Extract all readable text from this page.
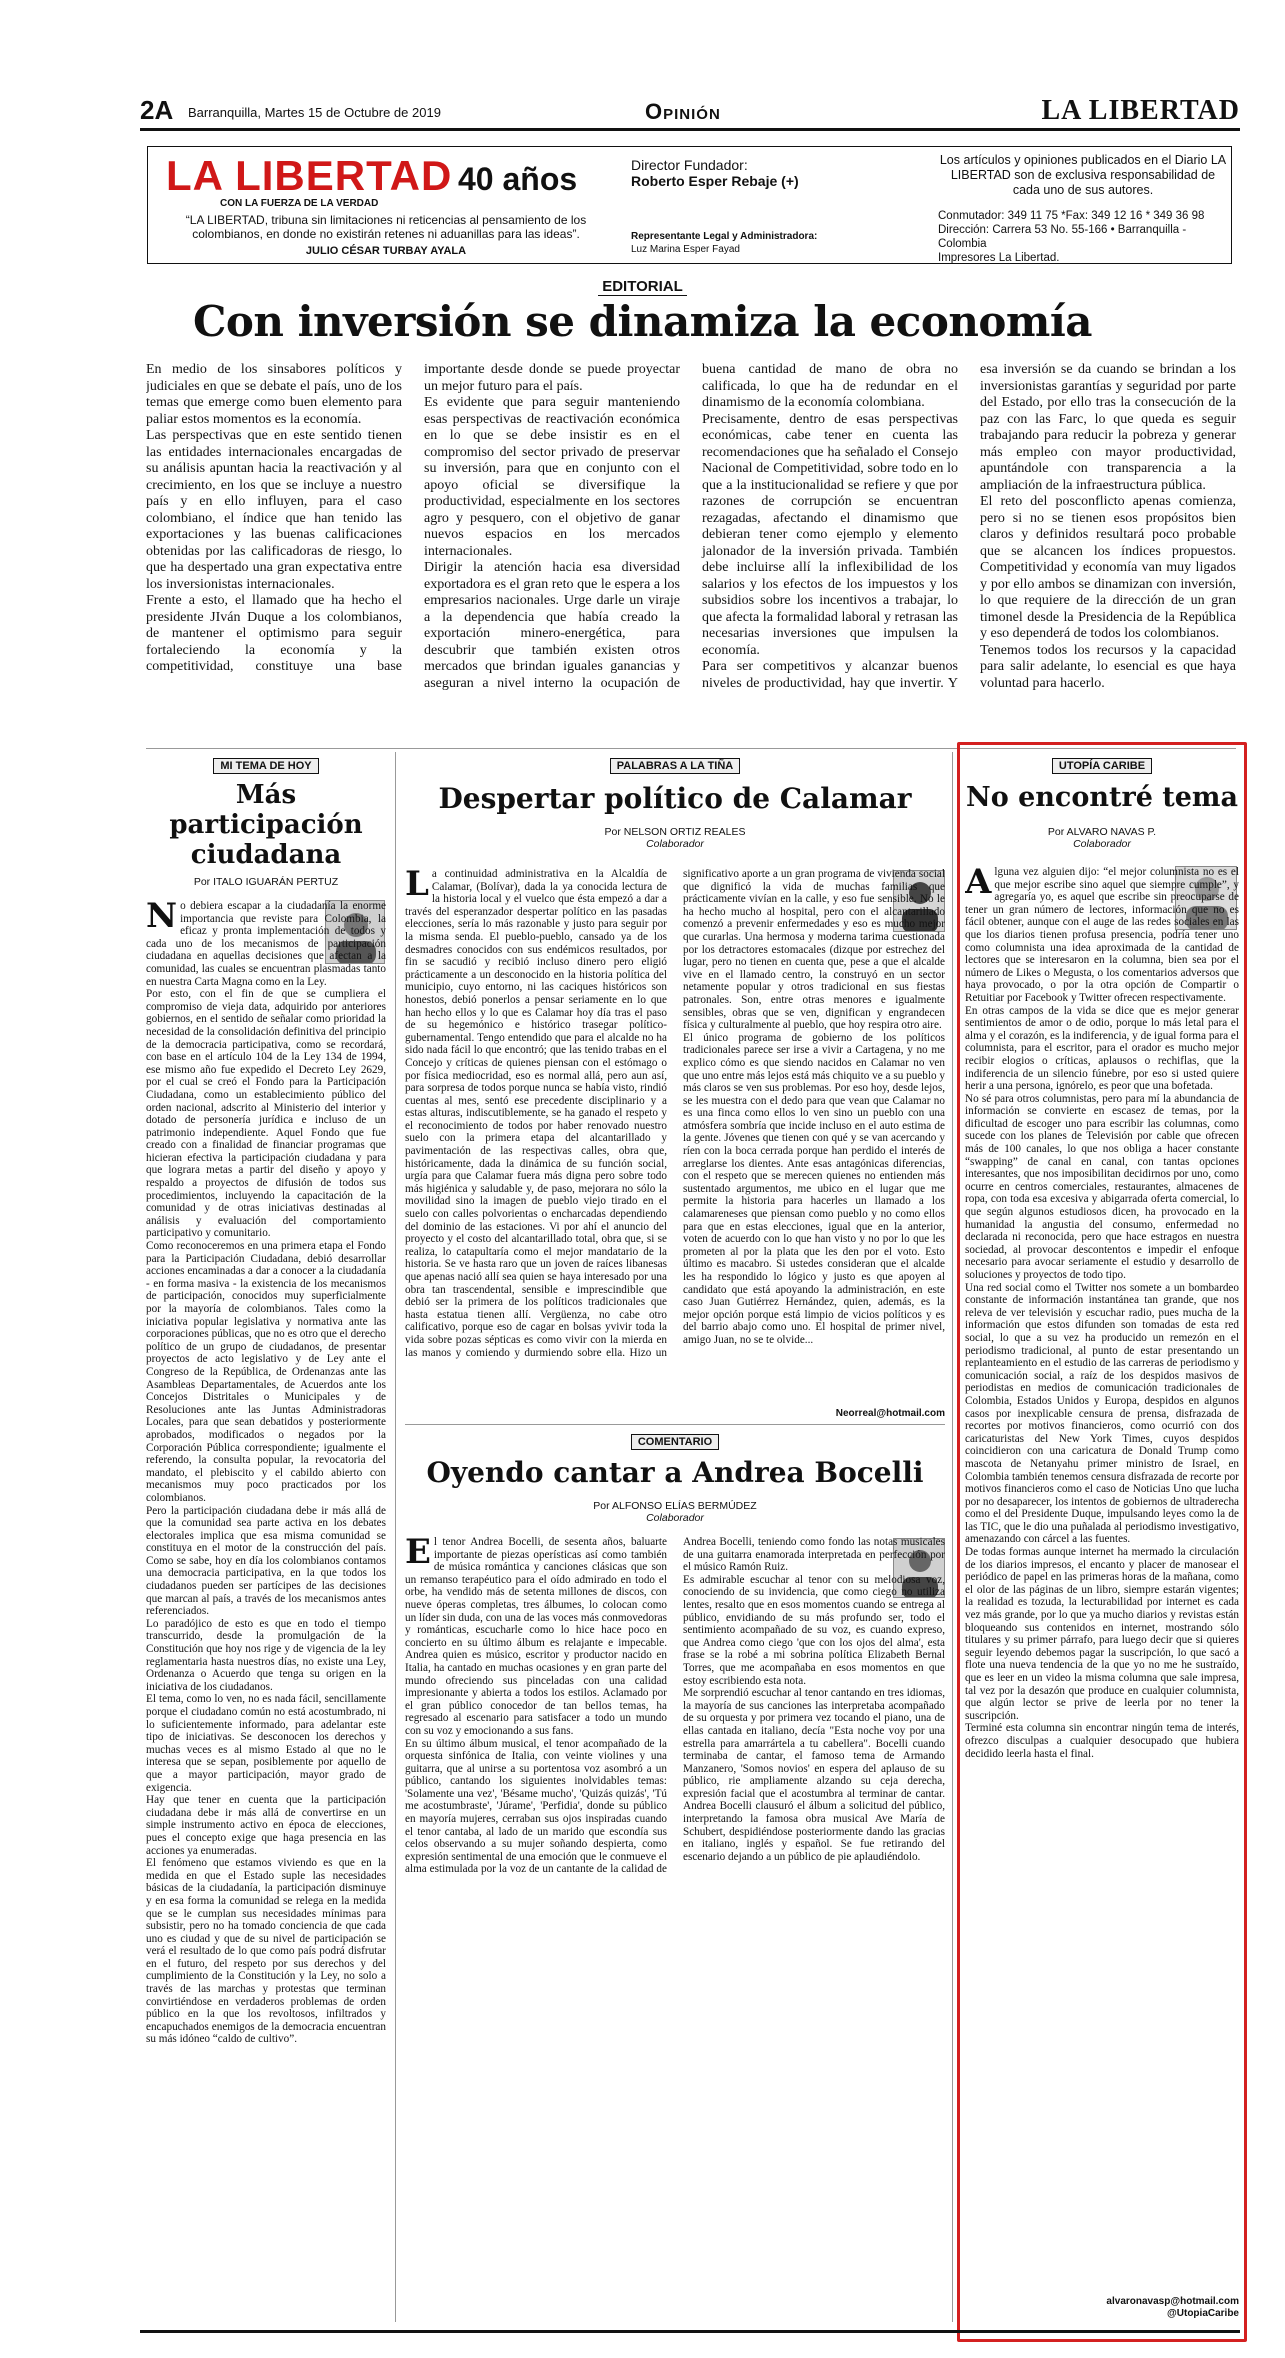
2A Barranquilla, Martes 15 de Octubre de 2019	Opinión	LA LIBERTAD
LA LIBERTAD 40 años
CON LA FUERZA DE LA VERDAD
“LA LIBERTAD, tribuna sin limitaciones ni reticencias al pensamiento de los colombianos, en donde no existirán retenes ni aduanillas para las ideas”.
JULIO CÉSAR TURBAY AYALA
Director Fundador:
Roberto Esper Rebaje (+)
Representante Legal y Administradora:
Luz Marina Esper Fayad
Los artículos y opiniones publicados en el Diario LA LIBERTAD son de exclusiva responsabilidad de cada uno de sus autores.
Conmutador: 349 11 75 *Fax: 349 12 16 * 349 36 98
Dirección: Carrera 53 No. 55-166 • Barranquilla - Colombia
Impresores La Libertad.
EDITORIAL
Con inversión se dinamiza la economía

En medio de los sinsabores políticos y judiciales en que se debate el país, uno de los temas que emerge como buen elemento para paliar estos momentos es la economía.

Las perspectivas que en este sentido tienen las entidades internacionales encargadas de su análisis apuntan hacia la reactivación y al crecimiento, en los que se incluye a nuestro país y en ello influyen, para el caso colombiano, el índice que han tenido las exportaciones y las buenas calificaciones obtenidas por las calificadoras de riesgo, lo que ha despertado una gran expectativa entre los inversionistas internacionales.

Frente a esto, el llamado que ha hecho el presidente JIván Duque a los colombianos, de mantener el optimismo para seguir fortaleciendo la economía y la competitividad, constituye una base importante desde donde se puede proyectar un mejor futuro para el país.

Es evidente que para seguir manteniendo esas perspectivas de reactivación económica en lo que se debe insistir es en el compromiso del sector privado de preservar su inversión, para que en conjunto con el apoyo oficial se diversifique la productividad, especialmente en los sectores agro y pesquero, con el objetivo de ganar nuevos espacios en los mercados internacionales.

Dirigir la atención hacia esa diversidad exportadora es el gran reto que le espera a los empresarios nacionales. Urge darle un viraje a la dependencia que había creado la exportación minero-energética, para descubrir que también existen otros mercados que brindan iguales ganancias y aseguran a nivel interno la ocupación de buena cantidad de mano de obra no calificada, lo que ha de redundar en el dinamismo de la economía colombiana.

Precisamente, dentro de esas perspectivas económicas, cabe tener en cuenta las recomendaciones que ha señalado el Consejo Nacional de Competitividad, sobre todo en lo que a la institucionalidad se refiere y que por razones de corrupción se encuentran rezagadas, afectando el dinamismo que debieran tener como ejemplo y elemento jalonador de la inversión privada. También debe incluirse allí la inflexibilidad de los salarios y los efectos de los impuestos y los subsidios sobre los incentivos a trabajar, lo que afecta la formalidad laboral y retrasan las necesarias inversiones que impulsen la economía.

Para ser competitivos y alcanzar buenos niveles de productividad, hay que invertir. Y esa inversión se da cuando se brindan a los inversionistas garantías y seguridad por parte del Estado, por ello tras la consecución de la paz con las Farc, lo que queda es seguir trabajando para reducir la pobreza y generar más empleo con mayor productividad, apuntándole con transparencia a la ampliación de la infraestructura pública.

El reto del posconflicto apenas comienza, pero si no se tienen esos propósitos bien claros y definidos resultará poco probable que se alcancen los índices propuestos. Competitividad y economía van muy ligados y por ello ambos se dinamizan con inversión, lo que requiere de la dirección de un gran timonel desde la Presidencia de la República y eso dependerá de todos los colombianos.

Tenemos todos los recursos y la capacidad para salir adelante, lo esencial es que haya voluntad para hacerlo.

MI TEMA DE HOY
Más participación ciudadana
Por ITALO IGUARÁN PERTUZ

No debiera escapar a la ciudadanía la enorme importancia que reviste para Colombia, la eficaz y pronta implementación de todos y cada uno de los mecanismos de participación ciudadana en aquellas decisiones que afectan a la comunidad, las cuales se encuentran plasmadas tanto en nuestra Carta Magna como en la Ley.

Por esto, con el fin de que se cumpliera el compromiso de vieja data, adquirido por anteriores gobiernos, en el sentido de señalar como prioridad la necesidad de la consolidación definitiva del principio de la democracia participativa, como se recordará, con base en el artículo 104 de la Ley 134 de 1994, ese mismo año fue expedido el Decreto Ley 2629, por el cual se creó el Fondo para la Participación Ciudadana, como un establecimiento público del orden nacional, adscrito al Ministerio del interior y dotado de personería jurídica e incluso de un patrimonio independiente. Aquel Fondo que fue creado con a finalidad de financiar programas que hicieran efectiva la participación ciudadana y para que lograra metas a partir del diseño y apoyo y respaldo a proyectos de difusión de todos sus procedimientos, incluyendo la capacitación de la comunidad y de otras iniciativas destinadas al análisis y evaluación del comportamiento participativo y comunitario.

Como reconoceremos en una primera etapa el Fondo para la Participación Ciudadana, debió desarrollar acciones encaminadas a dar a conocer a la ciudadanía - en forma masiva - la existencia de los mecanismos de participación, conocidos muy superficialmente por la mayoría de colombianos. Tales como la iniciativa popular legislativa y normativa ante las corporaciones públicas, que no es otro que el derecho político de un grupo de ciudadanos, de presentar proyectos de acto legislativo y de Ley ante el Congreso de la República, de Ordenanzas ante las Asambleas Departamentales, de Acuerdos ante los Concejos Distritales o Municipales y de Resoluciones ante las Juntas Administradoras Locales, para que sean debatidos y posteriormente aprobados, modificados o negados por la Corporación Pública correspondiente; igualmente el referendo, la consulta popular, la revocatoria del mandato, el plebiscito y el cabildo abierto con mecanismos muy poco practicados por los colombianos.

Pero la participación ciudadana debe ir más allá de que la comunidad sea parte activa en los debates electorales implica que esa misma comunidad se constituya en el motor de la construcción del país. Como se sabe, hoy en día los colombianos contamos una democracia participativa, en la que todos los ciudadanos pueden ser partícipes de las decisiones que marcan al país, a través de los mecanismos antes referenciados.

Lo paradójico de esto es que en todo el tiempo transcurrido, desde la promulgación de la Constitución que hoy nos rige y de vigencia de la ley reglamentaria hasta nuestros días, no existe una Ley, Ordenanza o Acuerdo que tenga su origen en la iniciativa de los ciudadanos.

El tema, como lo ven, no es nada fácil, sencillamente porque el ciudadano común no está acostumbrado, ni lo suficientemente informado, para adelantar este tipo de iniciativas. Se desconocen los derechos y muchas veces es al mismo Estado al que no le interesa que se sepan, posiblemente por aquello de que a mayor participación, mayor grado de exigencia.

Hay que tener en cuenta que la participación ciudadana debe ir más allá de convertirse en un simple instrumento activo en época de elecciones, pues el concepto exige que haga presencia en las acciones ya enumeradas.

El fenómeno que estamos viviendo es que en la medida en que el Estado suple las necesidades básicas de la ciudadanía, la participación disminuye y en esa forma la comunidad se relega en la medida que se le cumplan sus necesidades mínimas para subsistir, pero no ha tomado conciencia de que cada uno es ciudad y que de su nivel de participación se verá el resultado de lo que como país podrá disfrutar en el futuro, del respeto por sus derechos y del cumplimiento de la Constitución y la Ley, no solo a través de las marchas y protestas que terminan convirtiéndose en verdaderos problemas de orden público en la que los revoltosos, infiltrados y encapuchados enemigos de la democracia encuentran su más idóneo “caldo de cultivo”.

PALABRAS A LA TIÑA
Despertar político de Calamar
Por NELSON ORTIZ REALES
Colaborador

La continuidad administrativa en la Alcaldía de Calamar, (Bolívar), dada la ya conocida lectura de la historia local y el vuelco que ésta empezó a dar a través del esperanzador despertar político en las pasadas elecciones, sería lo más razonable y justo para seguir por la misma senda. El pueblo-pueblo, cansado ya de los desmadres conocidos con sus endémicos resultados, por fin se sacudió y recibió incluso dinero pero eligió prácticamente a un desconocido en la historia política del municipio, cuyo entorno, ni las caciques históricos son honestos, debió ponerlos a pensar seriamente en lo que han hecho ellos y lo que es Calamar hoy día tras el paso de su hegemónico e histórico trasegar político-gubernamental. Tengo entendido que para el alcalde no ha sido nada fácil lo que encontró; que las tenido trabas en el Concejo y críticas de quienes piensan con el estómago o por física mediocridad, eso es normal allá, pero aun así, para sorpresa de todos porque nunca se había visto, rindió cuentas al mes, sentó ese precedente disciplinario y a estas alturas, indiscutiblemente, se ha ganado el respeto y el reconocimiento de todos por haber renovado nuestro suelo con la primera etapa del alcantarillado y pavimentación de las respectivas calles, obra que, históricamente, dada la dinámica de su función social, urgía para que Calamar fuera más digna pero sobre todo más higiénica y saludable y, de paso, mejorara no sólo la movilidad sino la imagen de pueblo viejo tirado en el suelo con calles polvorientas o encharcadas dependiendo del dominio de las estaciones. Vi por ahí el anuncio del proyecto y el costo del alcantarillado total, obra que, si se realiza, lo catapultaría como el mejor mandatario de la historia. Se ve hasta raro que un joven de raíces libanesas que apenas nació allí sea quien se haya interesado por una obra tan trascendental, sensible e imprescindible que debió ser la primera de los políticos tradicionales que hasta estatua tienen allí. Vergüenza, no cabe otro calificativo, porque eso de cagar en bolsas yvivir toda la vida sobre pozas sépticas es como vivir con la mierda en las manos y comiendo y durmiendo sobre ella. Hizo un significativo aporte a un gran programa de vivienda social que dignificó la vida de muchas familias que prácticamente vivían en la calle, y eso fue sensible. No le ha hecho mucho al hospital, pero con el alcantarillado comenzó a prevenir enfermedades y eso es mucho mejor que curarlas. Una hermosa y moderna tarima cuestionada por los detractores estomacales (dizque por estrechez del lugar, pero no tienen en cuenta que, pese a que el alcalde vive en el llamado centro, la construyó en un sector netamente popular y otros tradicional en sus fiestas patronales. Son, entre otras menores e igualmente sensibles, obras que se ven, dignifican y engrandecen física y culturalmente al pueblo, que hoy respira otro aire.

El único programa de gobierno de los políticos tradicionales parece ser irse a vivir a Cartagena, y no me explico cómo es que siendo nacidos en Calamar no ven que uno entre más lejos está más chiquito ve a su pueblo y más claros se ven sus problemas. Por eso hoy, desde lejos, se les muestra con el dedo para que vean que Calamar no es una finca como ellos lo ven sino un pueblo con una atmósfera sombría que incide incluso en el auto estima de la gente. Jóvenes que tienen con qué y se van acercando y ríen con la boca cerrada porque han perdido el interés de arreglarse los dientes. Ante esas antagónicas diferencias, con el respeto que se merecen quienes no entienden más sustentado argumentos, me ubico en el lugar que me permite la historia para hacerles un llamado a los calamareneses que piensan como pueblo y no como ellos para que en estas elecciones, igual que en la anterior, voten de acuerdo con lo que han visto y no por lo que les prometen al por la plata que les den por el voto. Esto último es macabro. Si ustedes consideran que el alcalde les ha respondido lo lógico y justo es que apoyen al candidato que está apoyando la administración, en este caso Juan Gutiérrez Hernández, quien, además, es la mejor opción porque está limpio de vicios políticos y es del barrio abajo como uno. El hospital de primer nivel, amigo Juan, no se te olvide...

Neorreal@hotmail.com
COMENTARIO
Oyendo cantar a Andrea Bocelli
Por ALFONSO ELÍAS BERMÚDEZ
Colaborador

El tenor Andrea Bocelli, de sesenta años, baluarte importante de piezas operísticas así como también de música romántica y canciones clásicas que son un remanso terapéutico para el oído admirado en todo el orbe, ha vendido más de setenta millones de discos, con nueve óperas completas, tres álbumes, lo colocan como un líder sin duda, con una de las voces más conmovedoras y románticas, escucharle como lo hice hace poco en concierto en su último álbum es relajante e impecable. Andrea quien es músico, escritor y productor nacido en Italia, ha cantado en muchas ocasiones y en gran parte del mundo ofreciendo sus pinceladas con una calidad impresionante y abierta a todos los estilos. Aclamado por el gran público conocedor de tan bellos temas, ha regresado al escenario para satisfacer a todo un mundo con su voz y emocionando a sus fans.

En su último álbum musical, el tenor acompañado de la orquesta sinfónica de Italia, con veinte violines y una guitarra, que al unirse a su portentosa voz asombró a un público, cantando los siguientes inolvidables temas: 'Solamente una vez', 'Bésame mucho', 'Quizás quizás', 'Tú me acostumbraste', 'Júrame', 'Perfidia', donde su público en mayoría mujeres, cerraban sus ojos inspiradas cuando el tenor cantaba, al lado de un marido que escondía sus celos observando a su mujer soñando despierta, como expresión sentimental de una emoción que le conmueve el alma estimulada por la voz de un cantante de la calidad de Andrea Bocelli, teniendo como fondo las notas musicales de una guitarra enamorada interpretada en perfección por el músico Ramón Ruiz.

Es admirable escuchar al tenor con su melodiosa voz, conociendo de su invidencia, que como ciego no utiliza lentes, resalto que en esos momentos cuando se entrega al público, envidiando de su más profundo ser, todo el sentimiento acompañado de su voz, es cuando expreso, que Andrea como ciego 'que con los ojos del alma', esta frase se la robé a mi sobrina política Elizabeth Bernal Torres, que me acompañaba en esos momentos en que estoy escribiendo esta nota.

Me sorprendió escuchar al tenor cantando en tres idiomas, la mayoría de sus canciones las interpretaba acompañado de su orquesta y por primera vez tocando el piano, una de ellas cantada en italiano, decía "Esta noche voy por una estrella para amarrártela a tu cabellera". Bocelli cuando terminaba de cantar, el famoso tema de Armando Manzanero, 'Somos novios' en espera del aplauso de su público, rie ampliamente alzando su ceja derecha, expresión facial que el acostumbra al terminar de cantar. Andrea Bocelli clausuró el álbum a solicitud del público, interpretando la famosa obra musical Ave María de Schubert, despidiéndose posteriormente dando las gracias en italiano, inglés y español. Se fue retirando del escenario dejando a un público de pie aplaudiéndolo.

UTOPÍA CARIBE
No encontré tema
Por ALVARO NAVAS P.
Colaborador

Alguna vez alguien dijo: “el mejor columnista no es el que mejor escribe sino aquel que siempre cumple”, y agregaría yo, es aquel que escribe sin preocuparse de tener un gran número de lectores, información que no es fácil obtener, aunque con el auge de las redes sociales en las que los diarios tienen profusa presencia, podría tener uno como columnista una idea aproximada de la cantidad de lectores que se interesaron en la columna, bien sea por el número de Likes o Megusta, o los comentarios adversos que haya provocado, o por la otra opción de Compartir o Retuitiar por Facebook y Twitter ofrecen respectivamente.

En otras campos de la vida se dice que es mejor generar sentimientos de amor o de odio, porque lo más letal para el alma y el corazón, es la indiferencia, y de igual forma para el columnista, para el escritor, para el orador es mucho mejor recibir elogios o críticas, aplausos o rechiflas, que la indiferencia de un silencio fúnebre, por eso si usted quiere herir a una persona, ignórelo, es peor que una bofetada.

No sé para otros columnistas, pero para mí la abundancia de información se convierte en escasez de temas, por la dificultad de escoger uno para escribir las columnas, como sucede con los planes de Televisión por cable que ofrecen más de 100 canales, lo que nos obliga a hacer constante “swapping” de canal en canal, con tantas opciones interesantes, que nos imposibilitan decidirnos por uno, como ocurre en centros comerciales, restaurantes, almacenes de ropa, con toda esa excesiva y abigarrada oferta comercial, lo que según algunos estudiosos dicen, ha provocado en la humanidad la angustia del consumo, enfermedad no declarada ni reconocida, pero que hace estragos en nuestra sociedad, al provocar descontentos e impedir el enfoque necesario para avocar seriamente el estudio y desarrollo de soluciones y proyectos de todo tipo.

Una red social como el Twitter nos somete a un bombardeo constante de información instantánea tan grande, que nos releva de ver televisión y escuchar radio, pues mucha de la información que estos difunden son tomadas de esta red social, lo que a su vez ha producido un remezón en el periodismo tradicional, al punto de estar presentando un replanteamiento en el estudio de las carreras de periodismo y comunicación social, a raíz de los despidos masivos de periodistas en medios de comunicación tradicionales de Colombia, Estados Unidos y Europa, despidos en algunos casos por inexplicable censura de prensa, disfrazada de recortes por motivos financieros, como ocurrió con dos caricaturistas del New York Times, cuyos despidos coincidieron con una caricatura de Donald Trump como mascota de Netanyahu primer ministro de Israel, en Colombia también tenemos censura disfrazada de recorte por motivos financieros como el caso de Noticias Uno que lucha por no desaparecer, los intentos de gobiernos de ultraderecha como el del Presidente Duque, impulsando leyes como la de las TIC, que le dio una puñalada al periodismo investigativo, amenazando con cárcel a las fuentes.

De todas formas aunque internet ha mermado la circulación de los diarios impresos, el encanto y placer de manosear el periódico de papel en las primeras horas de la mañana, como el olor de las páginas de un libro, siempre estarán vigentes; la realidad es tozuda, la lecturabilidad por internet es cada vez más grande, por lo que ya mucho diarios y revistas están bloqueando sus contenidos en internet, mostrando sólo titulares y su primer párrafo, para luego decir que si quieres seguir leyendo debemos pagar la suscripción, lo que sacó a flote una nueva tendencia de la que yo no me he sustraído, que es leer en un video la misma columna que sale impresa, tal vez por la desazón que produce en cualquier columnista, que algún lector se prive de leerla por no tener la suscripción.

Terminé esta columna sin encontrar ningún tema de interés, ofrezco disculpas a cualquier desocupado que hubiera decidido leerla hasta el final.

alvaronavasp@hotmail.com
@UtopiaCaribe
